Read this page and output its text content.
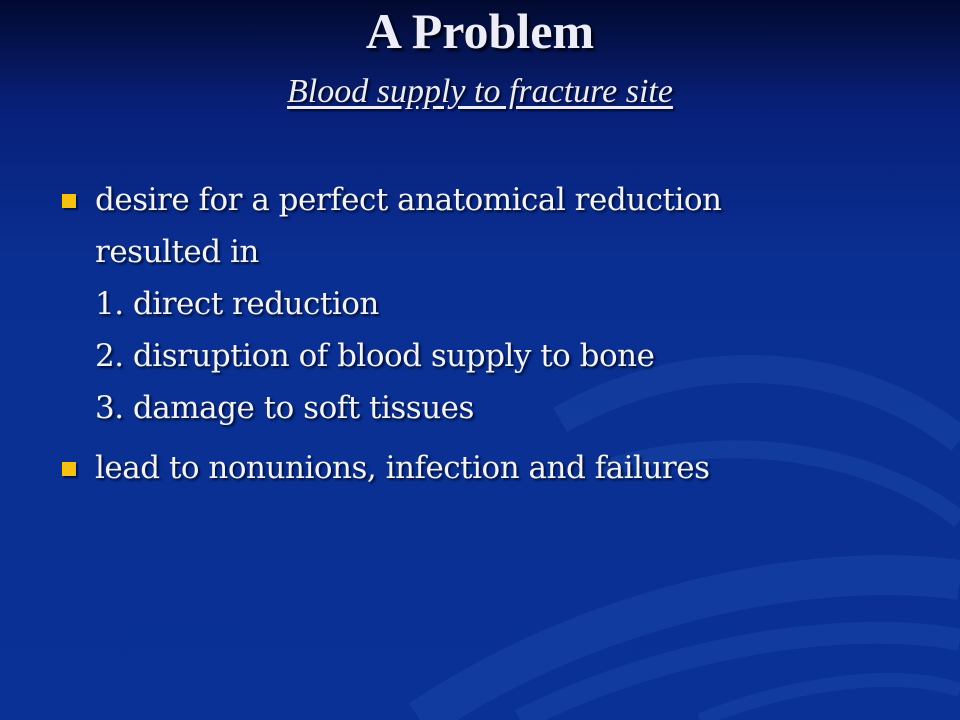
A Problem
Blood supply to fracture site
desire for a perfect anatomical reduction
resulted in
1. direct reduction
2. disruption of blood supply to bone
3. damage to soft tissues
lead to nonunions, infection and failures
